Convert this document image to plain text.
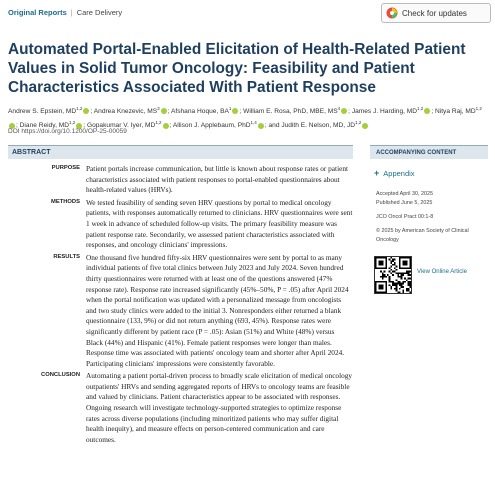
Original Reports | Care Delivery	Check for updates
Automated Portal-Enabled Elicitation of Health-Related Patient Values in Solid Tumor Oncology: Feasibility and Patient Characteristics Associated With Patient Response
Andrew S. Epstein, MD$^{1,2}$ ; Andrea Knezevic, $MS^3$ ; Afshana Hoque, $BA^1$ ; William E. Rosa, PhD, MBE, $MS^4$ ; James J. Harding, MD$^{1,2}$ ; Nitya Raj, MD$^{1,2}$; Diane Reidy, MD$^{1,2}$ ; Gopakumar V. Iyer, MD$^{1,2}$ ; Allison J. Applebaum, PhD$^{1,4}$ ; and Judith E. Nelson, MD, JD$^{1,2}$
DOI https://doi.org/10.1200/OP-25-00059
ABSTRACT
PURPOSE Patient portals increase communication, but little is known about response rates or patient characteristics associated with patient responses to portal-enabled questionnaires about health-related values (HRVs).
METHODS We tested feasibility of sending seven HRV questions by portal to medical oncology patients, with responses automatically returned to clinicians. HRV questionnaires were sent 1 week in advance of scheduled follow-up visits. The primary feasibility measure was patient response rate. Secondarily, we assessed patient characteristics associated with responses, and oncology clinicians' impressions.
RESULTS One thousand five hundred fifty-six HRV questionnaires were sent by portal to as many individual patients of five total clinics between July 2023 and July 2024. Seven hundred thirty questionnaires were returned with at least one of the questions answered (47% response rate). Response rate increased significantly (45%–50%, P = .05) after April 2024 when the portal notification was updated with a personalized message from oncologists and two study clinics were added to the initial 3. Nonresponders either returned a blank questionnaire (133, 9%) or did not return anything (693, 45%). Response rates were significantly different by patient race (P = .05): Asian (51%) and White (48%) versus Black (44%) and Hispanic (41%). Female patient responses were longer than males. Response time was associated with patients' oncology team and shorter after April 2024. Participating clinicians' impressions were consistently favorable.
CONCLUSION Automating a patient portal-driven process to broadly scale elicitation of medical oncology outpatients' HRVs and sending aggregated reports of HRVs to oncology teams are feasible and valued by clinicians. Patient characteristics appear to be associated with responses. Ongoing research will investigate technology-supported strategies to optimize response rates across diverse populations (including minoritized patients who may suffer digital health inequity), and measure effects on person-centered communication and care outcomes.
ACCOMPANYING CONTENT
+ Appendix
Accepted April 30, 2025
Published June 5, 2025
JCO Oncol Pract 00:1-8
© 2025 by American Society of Clinical Oncology
View Online Article
